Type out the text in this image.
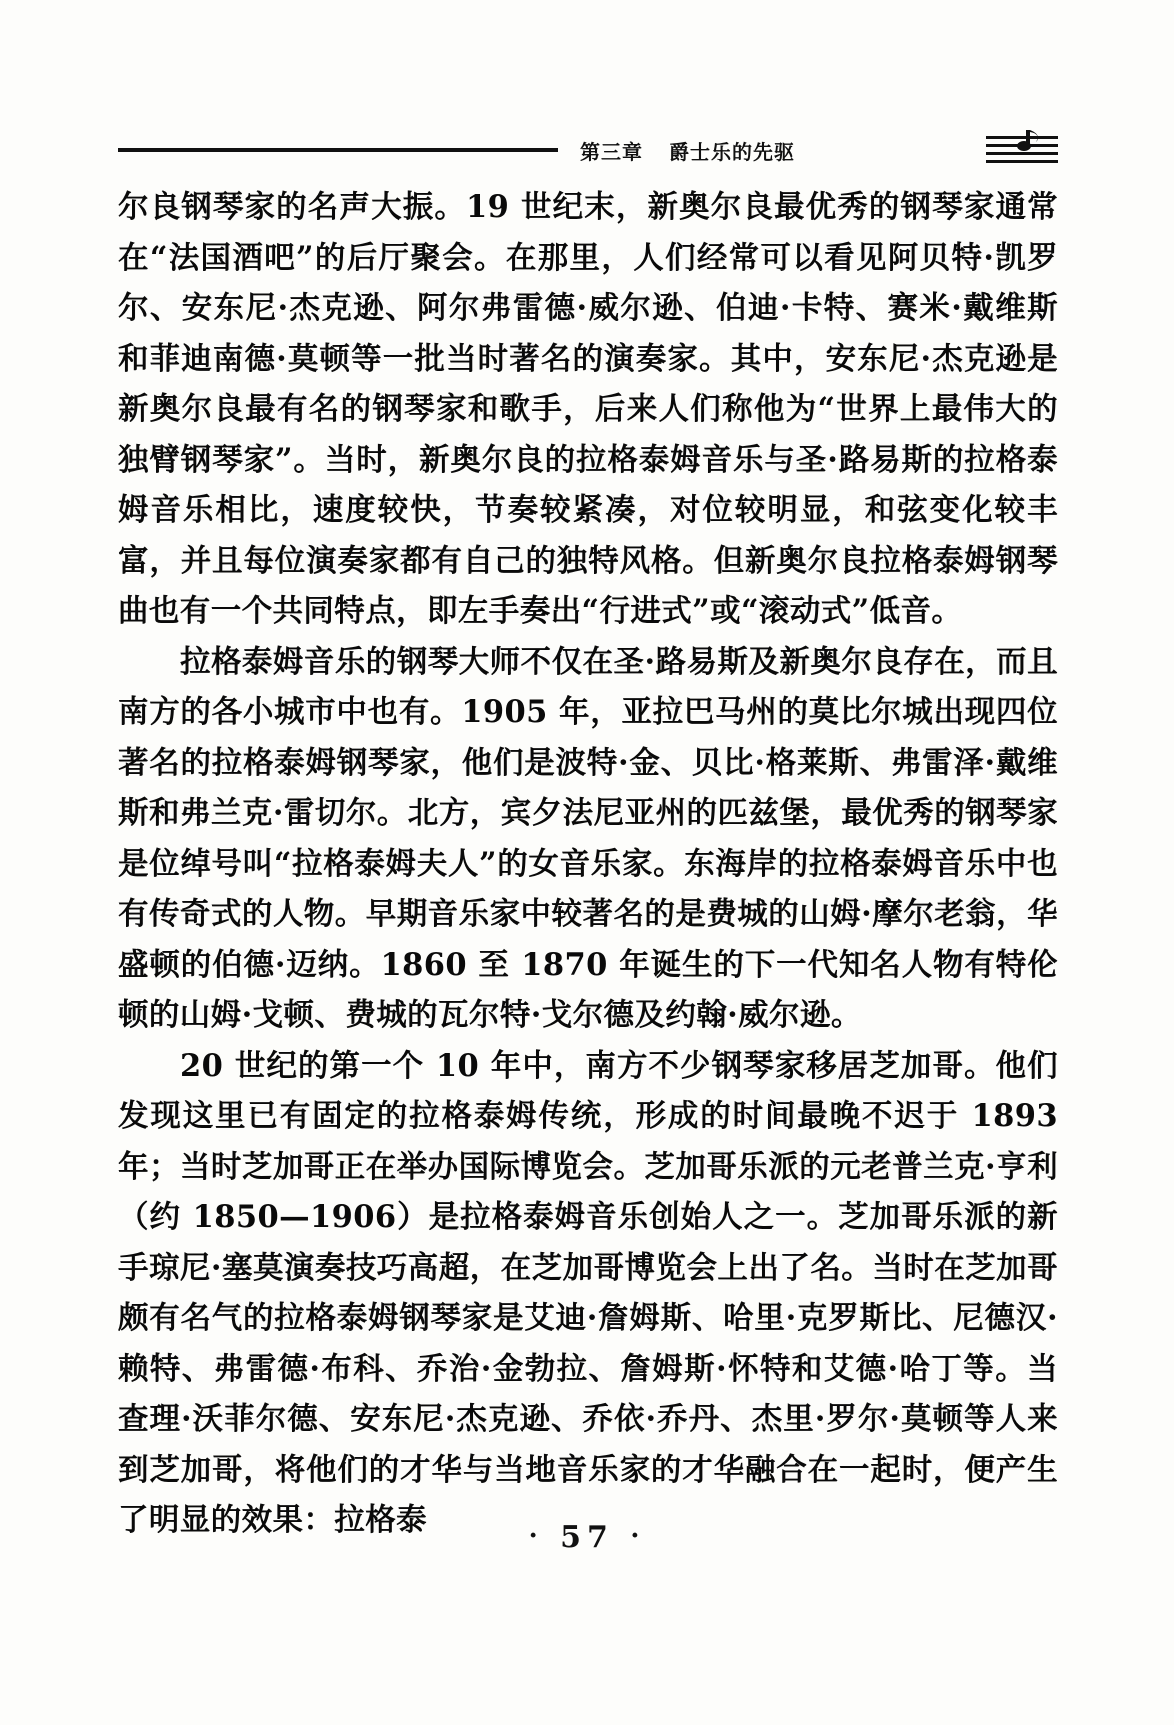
第三章 爵士乐的先驱

尔良钢琴家的名声大振。19 世纪末，新奥尔良最优秀的钢琴家通常在“法国酒吧”的后厅聚会。在那里，人们经常可以看见阿贝特·凯罗尔、安东尼·杰克逊、阿尔弗雷德·威尔逊、伯迪·卡特、赛米·戴维斯和菲迪南德·莫顿等一批当时著名的演奏家。其中，安东尼·杰克逊是新奥尔良最有名的钢琴家和歌手，后来人们称他为“世界上最伟大的独臂钢琴家”。当时，新奥尔良的拉格泰姆音乐与圣·路易斯的拉格泰姆音乐相比，速度较快，节奏较紧凑，对位较明显，和弦变化较丰富，并且每位演奏家都有自己的独特风格。但新奥尔良拉格泰姆钢琴曲也有一个共同特点，即左手奏出“行进式”或“滚动式”低音。

拉格泰姆音乐的钢琴大师不仅在圣·路易斯及新奥尔良存在，而且南方的各小城市中也有。1905 年，亚拉巴马州的莫比尔城出现四位著名的拉格泰姆钢琴家，他们是波特·金、贝比·格莱斯、弗雷泽·戴维斯和弗兰克·雷切尔。北方，宾夕法尼亚州的匹兹堡，最优秀的钢琴家是位绰号叫“拉格泰姆夫人”的女音乐家。东海岸的拉格泰姆音乐中也有传奇式的人物。早期音乐家中较著名的是费城的山姆·摩尔老翁，华盛顿的伯德·迈纳。1860 至 1870 年诞生的下一代知名人物有特伦顿的山姆·戈顿、费城的瓦尔特·戈尔德及约翰·威尔逊。

20 世纪的第一个 10 年中，南方不少钢琴家移居芝加哥。他们发现这里已有固定的拉格泰姆传统，形成的时间最晚不迟于 1893 年；当时芝加哥正在举办国际博览会。芝加哥乐派的元老普兰克·亨利（约 1850—1906）是拉格泰姆音乐创始人之一。芝加哥乐派的新手琼尼·塞莫演奏技巧高超，在芝加哥博览会上出了名。当时在芝加哥颇有名气的拉格泰姆钢琴家是艾迪·詹姆斯、哈里·克罗斯比、尼德汉·赖特、弗雷德·布科、乔治·金勃拉、詹姆斯·怀特和艾德·哈丁等。当查理·沃菲尔德、安东尼·杰克逊、乔依·乔丹、杰里·罗尔·莫顿等人来到芝加哥，将他们的才华与当地音乐家的才华融合在一起时，便产生了明显的效果：拉格泰	· 57 ·
